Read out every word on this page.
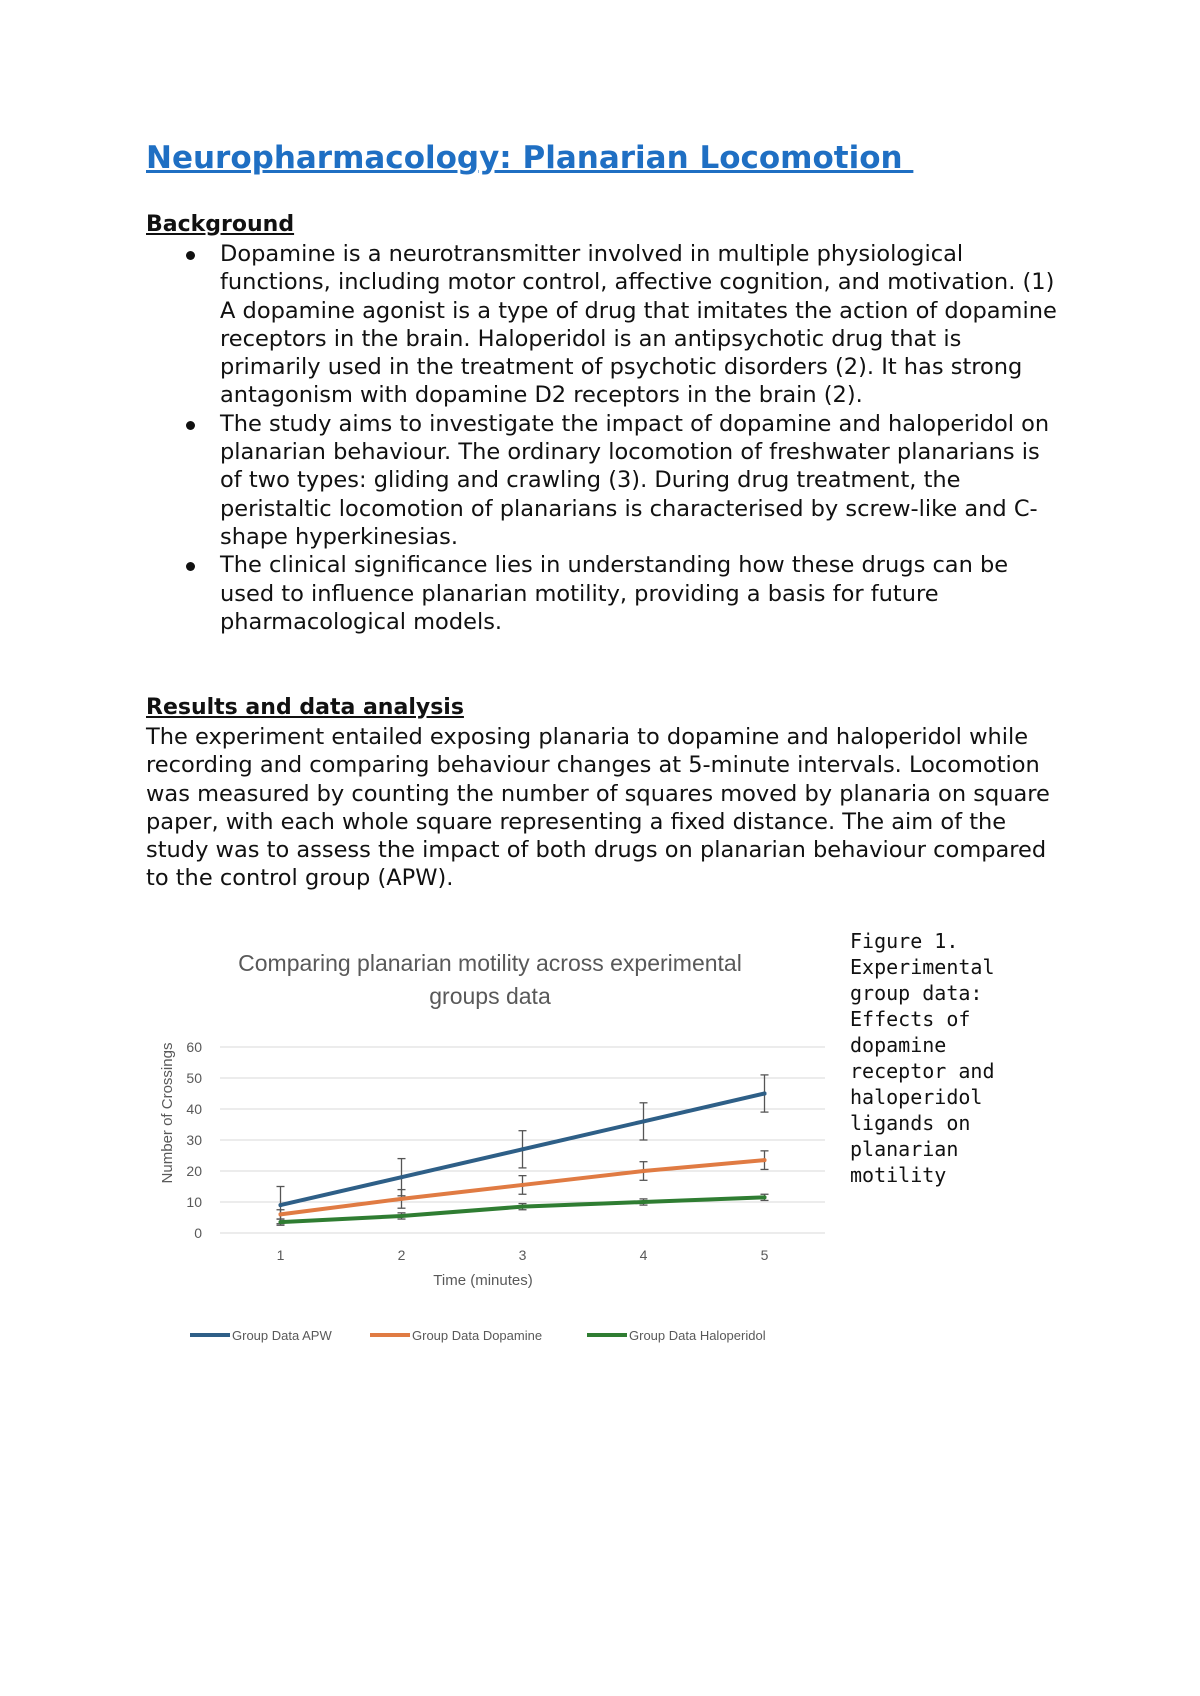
Neuropharmacology: Planarian Locomotion
Background
Dopamine is a neurotransmitter involved in multiple physiological functions, including motor control, affective cognition, and motivation. (1) A dopamine agonist is a type of drug that imitates the action of dopamine receptors in the brain. Haloperidol is an antipsychotic drug that is primarily used in the treatment of psychotic disorders (2). It has strong antagonism with dopamine D2 receptors in the brain (2).
The study aims to investigate the impact of dopamine and haloperidol on planarian behaviour. The ordinary locomotion of freshwater planarians is of two types: gliding and crawling (3). During drug treatment, the peristaltic locomotion of planarians is characterised by screw-like and C-shape hyperkinesias.
The clinical significance lies in understanding how these drugs can be used to influence planarian motility, providing a basis for future pharmacological models.
Results and data analysis

The experiment entailed exposing planaria to dopamine and haloperidol while recording and comparing behaviour changes at 5-minute intervals. Locomotion was measured by counting the number of squares moved by planaria on square paper, with each whole square representing a fixed distance. The aim of the study was to assess the impact of both drugs on planarian behaviour compared to the control group (APW).

Comparing planarian motility across experimental groups data
0
10
20
30
40
50
60
1	2	3	4	5
Time (minutes)
Number of Crossings
Group Data APW	Group Data Dopamine	Group Data Haloperidol

Figure 1. Experimental group data: Effects of dopamine receptor and haloperidol ligands on planarian motility
